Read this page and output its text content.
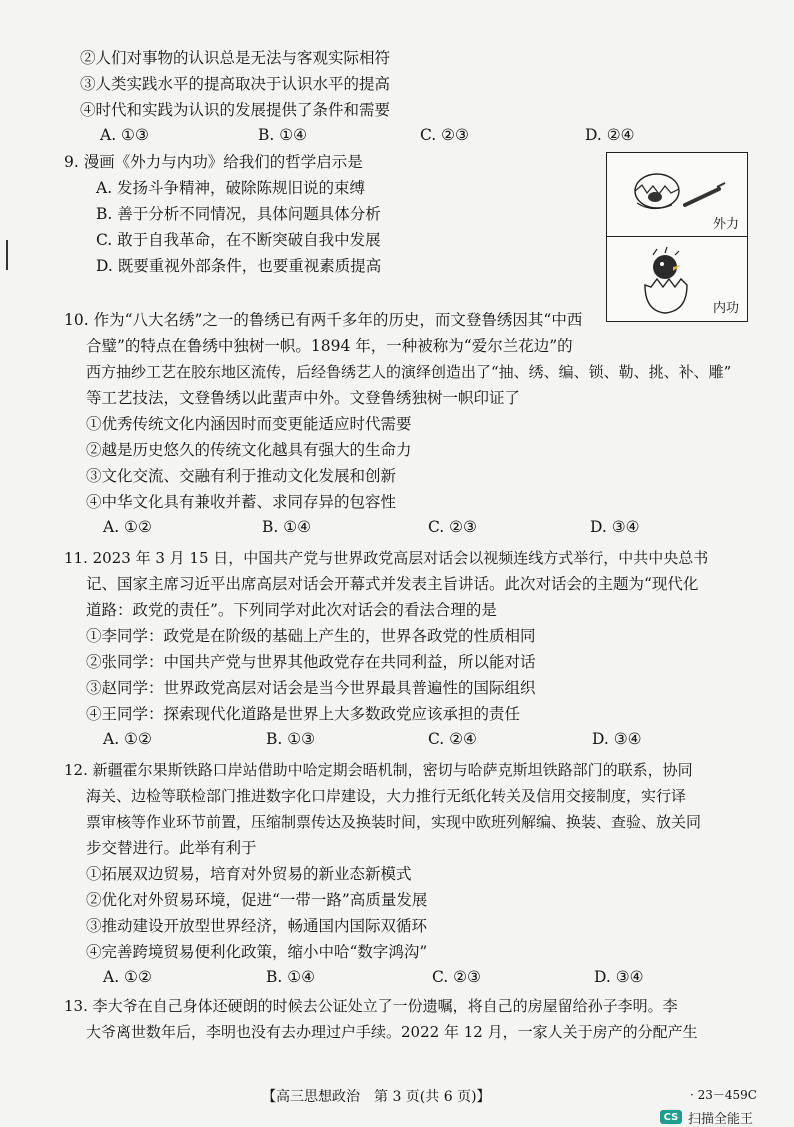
②人们对事物的认识总是无法与客观实际相符
③人类实践水平的提高取决于认识水平的提高
④时代和实践为认识的发展提供了条件和需要
A. ①③	B. ①④	C. ②③	D. ②④
9. 漫画《外力与内功》给我们的哲学启示是
A. 发扬斗争精神，破除陈规旧说的束缚
B. 善于分析不同情况，具体问题具体分析
C. 敢于自我革命，在不断突破自我中发展
D. 既要重视外部条件，也要重视素质提高
外力
内功
10. 作为“八大名绣”之一的鲁绣已有两千多年的历史，而文登鲁绣因其“中西
合璧”的特点在鲁绣中独树一帜。1894 年，一种被称为“爱尔兰花边”的
西方抽纱工艺在胶东地区流传，后经鲁绣艺人的演绎创造出了“抽、绣、编、锁、勒、挑、补、雕”
等工艺技法，文登鲁绣以此蜚声中外。文登鲁绣独树一帜印证了
①优秀传统文化内涵因时而变更能适应时代需要
②越是历史悠久的传统文化越具有强大的生命力
③文化交流、交融有利于推动文化发展和创新
④中华文化具有兼收并蓄、求同存异的包容性
A. ①②	B. ①④	C. ②③	D. ③④
11. 2023 年 3 月 15 日，中国共产党与世界政党高层对话会以视频连线方式举行，中共中央总书
记、国家主席习近平出席高层对话会开幕式并发表主旨讲话。此次对话会的主题为“现代化
道路：政党的责任”。下列同学对此次对话会的看法合理的是
①李同学：政党是在阶级的基础上产生的，世界各政党的性质相同
②张同学：中国共产党与世界其他政党存在共同利益，所以能对话
③赵同学：世界政党高层对话会是当今世界最具普遍性的国际组织
④王同学：探索现代化道路是世界上大多数政党应该承担的责任
A. ①②	B. ①③	C. ②④	D. ③④
12. 新疆霍尔果斯铁路口岸站借助中哈定期会晤机制，密切与哈萨克斯坦铁路部门的联系，协同
海关、边检等联检部门推进数字化口岸建设，大力推行无纸化转关及信用交接制度，实行译
票审核等作业环节前置，压缩制票传达及换装时间，实现中欧班列解编、换装、查验、放关同
步交替进行。此举有利于
①拓展双边贸易，培育对外贸易的新业态新模式
②优化对外贸易环境，促进“一带一路”高质量发展
③推动建设开放型世界经济，畅通国内国际双循环
④完善跨境贸易便利化政策，缩小中哈“数字鸿沟”
A. ①②	B. ①④	C. ②③	D. ③④
13. 李大爷在自己身体还硬朗的时候去公证处立了一份遗嘱，将自己的房屋留给孙子李明。李
大爷离世数年后，李明也没有去办理过户手续。2022 年 12 月，一家人关于房产的分配产生
【高三思想政治　第 3 页(共 6 页)】	· 23－459C
CS 扫描全能王
